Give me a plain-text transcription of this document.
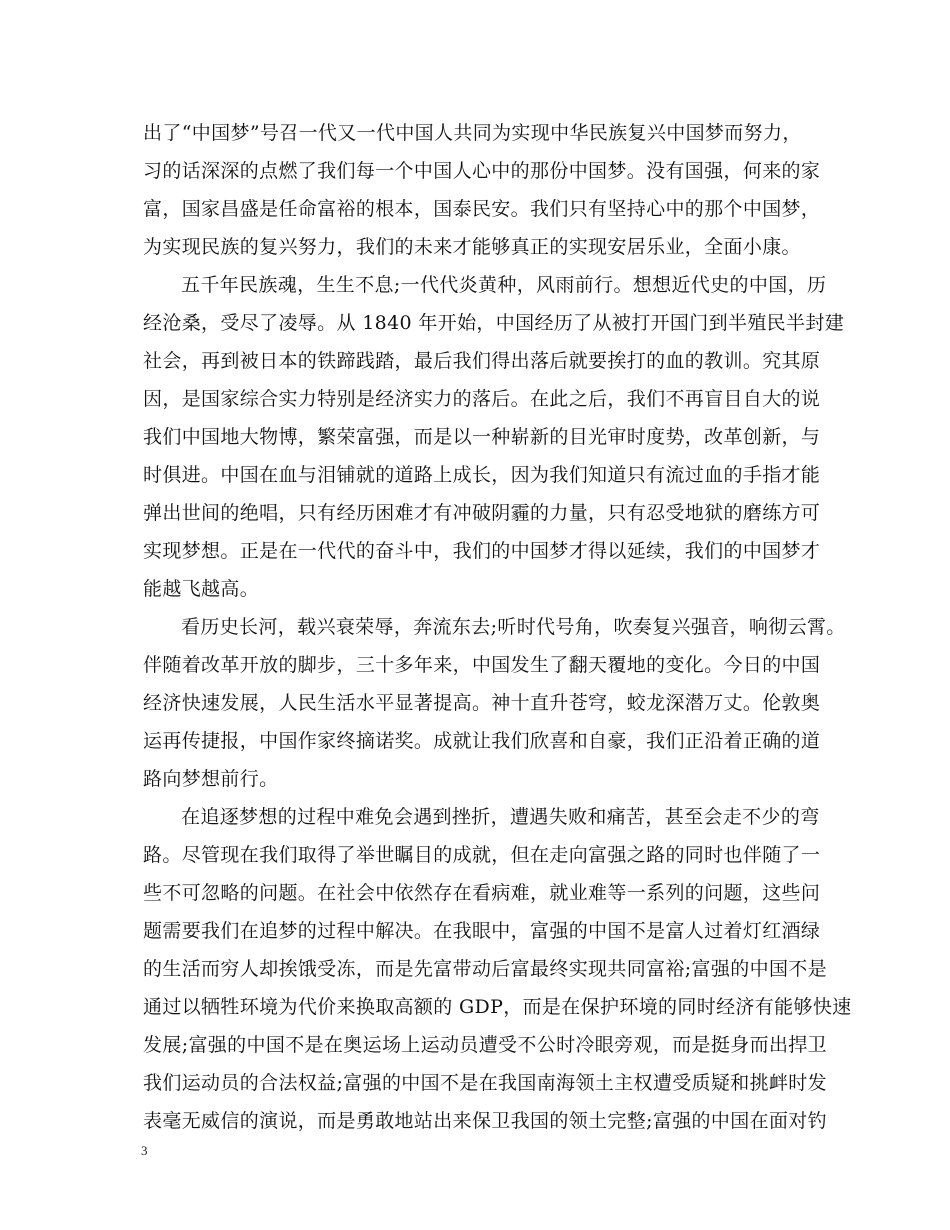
出了“中国梦”号召一代又一代中国人共同为实现中华民族复兴中国梦而努力，
习的话深深的点燃了我们每一个中国人心中的那份中国梦。没有国强，何来的家
富，国家昌盛是任命富裕的根本，国泰民安。我们只有坚持心中的那个中国梦，
为实现民族的复兴努力，我们的未来才能够真正的实现安居乐业，全面小康。
五千年民族魂，生生不息;一代代炎黄种，风雨前行。想想近代史的中国，历
经沧桑，受尽了凌辱。从 1840 年开始，中国经历了从被打开国门到半殖民半封建
社会，再到被日本的铁蹄践踏，最后我们得出落后就要挨打的血的教训。究其原
因，是国家综合实力特别是经济实力的落后。在此之后，我们不再盲目自大的说
我们中国地大物博，繁荣富强，而是以一种崭新的目光审时度势，改革创新，与
时俱进。中国在血与泪铺就的道路上成长，因为我们知道只有流过血的手指才能
弹出世间的绝唱，只有经历困难才有冲破阴霾的力量，只有忍受地狱的磨练方可
实现梦想。正是在一代代的奋斗中，我们的中国梦才得以延续，我们的中国梦才
能越飞越高。
看历史长河，载兴衰荣辱，奔流东去;听时代号角，吹奏复兴强音，响彻云霄。
伴随着改革开放的脚步，三十多年来，中国发生了翻天覆地的变化。今日的中国
经济快速发展，人民生活水平显著提高。神十直升苍穹，蛟龙深潜万丈。伦敦奥
运再传捷报，中国作家终摘诺奖。成就让我们欣喜和自豪，我们正沿着正确的道
路向梦想前行。
在追逐梦想的过程中难免会遇到挫折，遭遇失败和痛苦，甚至会走不少的弯
路。尽管现在我们取得了举世瞩目的成就，但在走向富强之路的同时也伴随了一
些不可忽略的问题。在社会中依然存在看病难，就业难等一系列的问题，这些问
题需要我们在追梦的过程中解决。在我眼中，富强的中国不是富人过着灯红酒绿
的生活而穷人却挨饿受冻，而是先富带动后富最终实现共同富裕;富强的中国不是
通过以牺牲环境为代价来换取高额的 GDP，而是在保护环境的同时经济有能够快速
发展;富强的中国不是在奥运场上运动员遭受不公时冷眼旁观，而是挺身而出捍卫
我们运动员的合法权益;富强的中国不是在我国南海领土主权遭受质疑和挑衅时发
表毫无威信的演说，而是勇敢地站出来保卫我国的领土完整;富强的中国在面对钓
3
